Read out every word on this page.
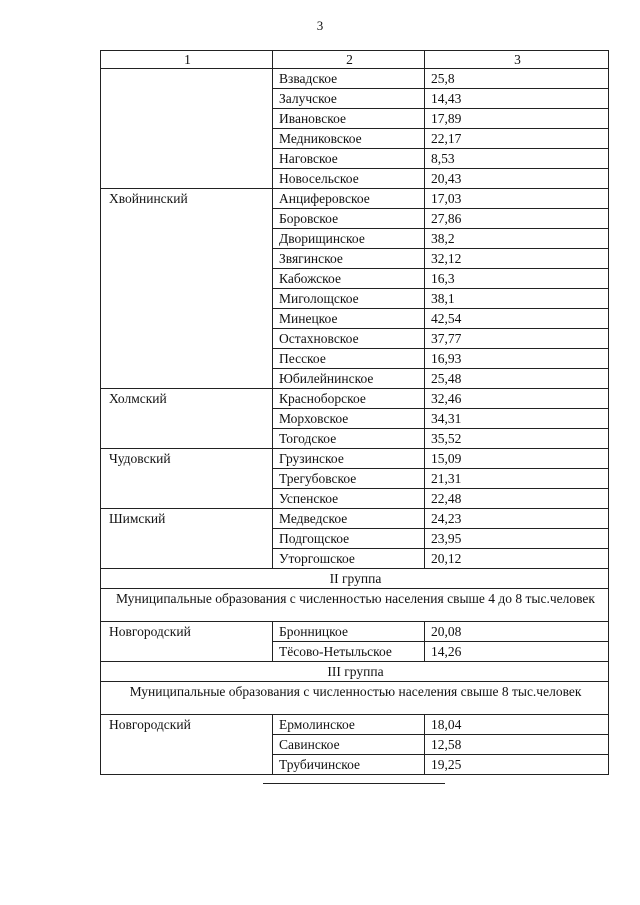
3
1	2	3
	Взвадское	25,8
	Залучское	14,43
	Ивановское	17,89
	Медниковское	22,17
	Наговское	8,53
	Новосельское	20,43
Хвойнинский	Анциферовское	17,03
	Боровское	27,86
	Дворищинское	38,2
	Звягинское	32,12
	Кабожское	16,3
	Миголощское	38,1
	Минецкое	42,54
	Остахновское	37,77
	Песское	16,93
	Юбилейнинское	25,48
Холмский	Красноборское	32,46
	Морховское	34,31
	Тогодское	35,52
Чудовский	Грузинское	15,09
	Трегубовское	21,31
	Успенское	22,48
Шимский	Медведское	24,23
	Подгощское	23,95
	Уторгошское	20,12
II группа		
Муниципальные образования с численностью населения свыше 4 до 8 тыс.человек		
Новгородский	Бронницкое	20,08
	Тёсово-Нетыльское	14,26
III группа		
Муниципальные образования с численностью населения свыше 8 тыс.человек		
Новгородский	Ермолинское	18,04
	Савинское	12,58
	Трубичинское	19,25
